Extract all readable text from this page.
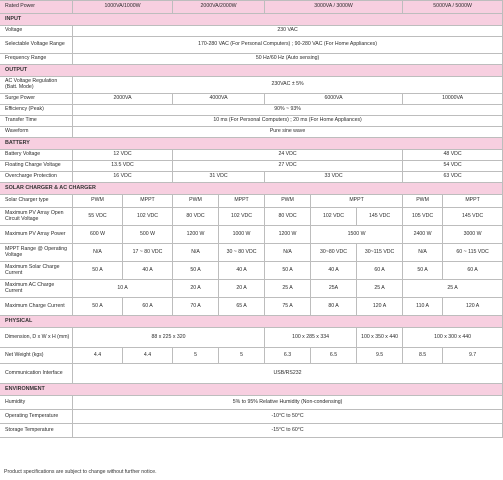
Rated Power	1000VA/1000W		2000VA/2000W		3000VA / 3000W			5000VA / 5000W	
INPUT									
Voltage	230 VAC								
Selectable Voltage Range	170-280 VAC (For Personal Computers) ; 90-280 VAC (For Home Appliances)								
Frequency Range	50 Hz/60 Hz (Auto sensing)								
OUTPUT									
AC Voltage Regulation (Batt. Mode)	230VAC ± 5%								
Surge Power	2000VA		4000VA		6000VA			10000VA	
Efficiency (Peak)	90% ~ 93%								
Transfer Time	10 ms (For Personal Computers) ; 20 ms (For Home Appliances)								
Waveform	Pure sine wave								
BATTERY									
Battery Voltage	12 VDC		24 VDC					48 VDC	
Floating Charge Voltage	13.5 VDC		27 VDC					54 VDC	
Overcharge Protection	16 VDC		31 VDC		33 VDC			63 VDC	
SOLAR CHARGER & AC CHARGER									
Solar Charger type	PWM	MPPT	PWM	MPPT	PWM	MPPT		PWM	MPPT
Maximum PV Array Open Circuit Voltage	55 VDC	102 VDC	80 VDC	102 VDC	80 VDC	102 VDC	145 VDC	105 VDC	145 VDC
Maximum PV Array Power	600 W	500 W	1200 W	1000 W	1200 W	1500 W		2400 W	3000 W
MPPT Range @ Operating Voltage	N/A	17 ~ 80 VDC	N/A	30 ~ 80 VDC	N/A	30~80 VDC	30~115 VDC	N/A	60 ~ 115 VDC
Maximum Solar Charge Current	50 A	40 A	50 A	40 A	50 A	40 A	60 A	50 A	60 A
Maximum AC Charge Current	10 A		20 A	20 A	25 A	25A	25 A	25 A	
Maximum Charge Current	50 A	60 A	70 A	65 A	75 A	80 A	120 A	110 A	120 A
PHYSICAL									
Dimension, D x W x H (mm)	88 x 225 x 320				100 x 285 x 334		100 x 350 x 440	100 x 300 x 440	
Net Weight (kgs)	4.4	4.4	5	5	6.3	6.5	9.5	8.5	9.7
Communication Interface	USB/RS232								
ENVIRONMENT									
Humidity	5% to 95% Relative Humidity (Non-condensing)								
Operating Temperature	-10°C to 50°C								
Storage Temperature	-15°C to 60°C								
Product specifications are subject to change without further notice.
